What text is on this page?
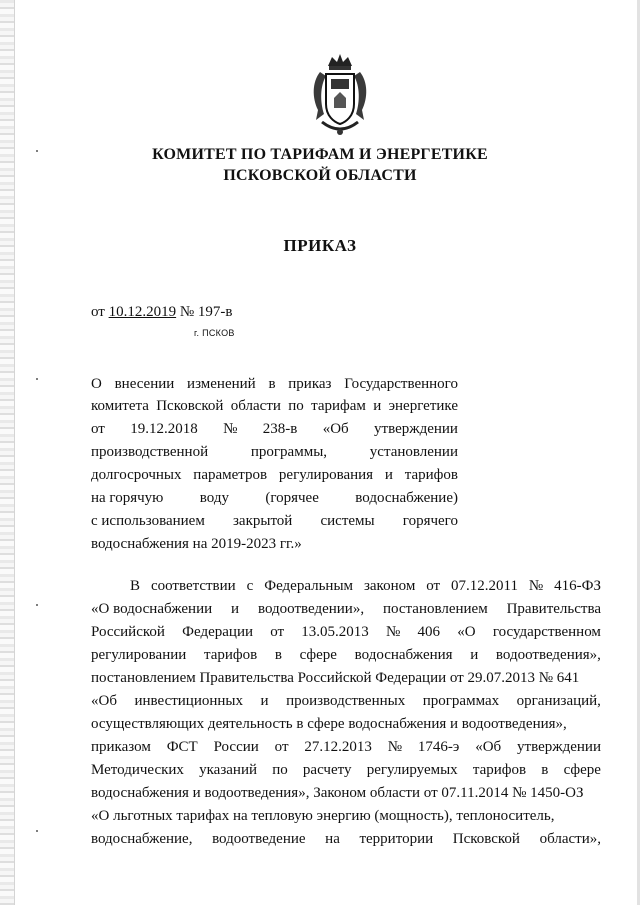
КОМИТЕТ ПО ТАРИФАМ И ЭНЕРГЕТИКЕ
ПСКОВСКОЙ ОБЛАСТИ
ПРИКАЗ
от 10.12.2019 № 197-в
г. ПСКОВ
О внесении изменений в приказ Государственного
комитета Псковской области по тарифам и энергетике
от 19.12.2018 № 238-в «Об утверждении
производственной	программы,	установлении
долгосрочных параметров регулирования и тарифов
на горячую воду (горячее водоснабжение)
с использованием закрытой системы горячего
водоснабжения на 2019-2023 гг.»
В соответствии с Федеральным законом от 07.12.2011 № 416-ФЗ
«О водоснабжении и водоотведении», постановлением Правительства
Российской Федерации от 13.05.2013 № 406 «О государственном
регулировании тарифов в сфере водоснабжения и водоотведения»,
постановлением Правительства Российской Федерации от 29.07.2013 № 641
«Об инвестиционных и производственных программах организаций,
осуществляющих деятельность в сфере водоснабжения и водоотведения»,
приказом ФСТ России от 27.12.2013 № 1746-э «Об утверждении
Методических указаний по расчету регулируемых тарифов в сфере
водоснабжения и водоотведения», Законом области от 07.11.2014 № 1450-ОЗ
«О льготных тарифах на тепловую энергию (мощность), теплоноситель,
водоснабжение, водоотведение на территории Псковской области»,
